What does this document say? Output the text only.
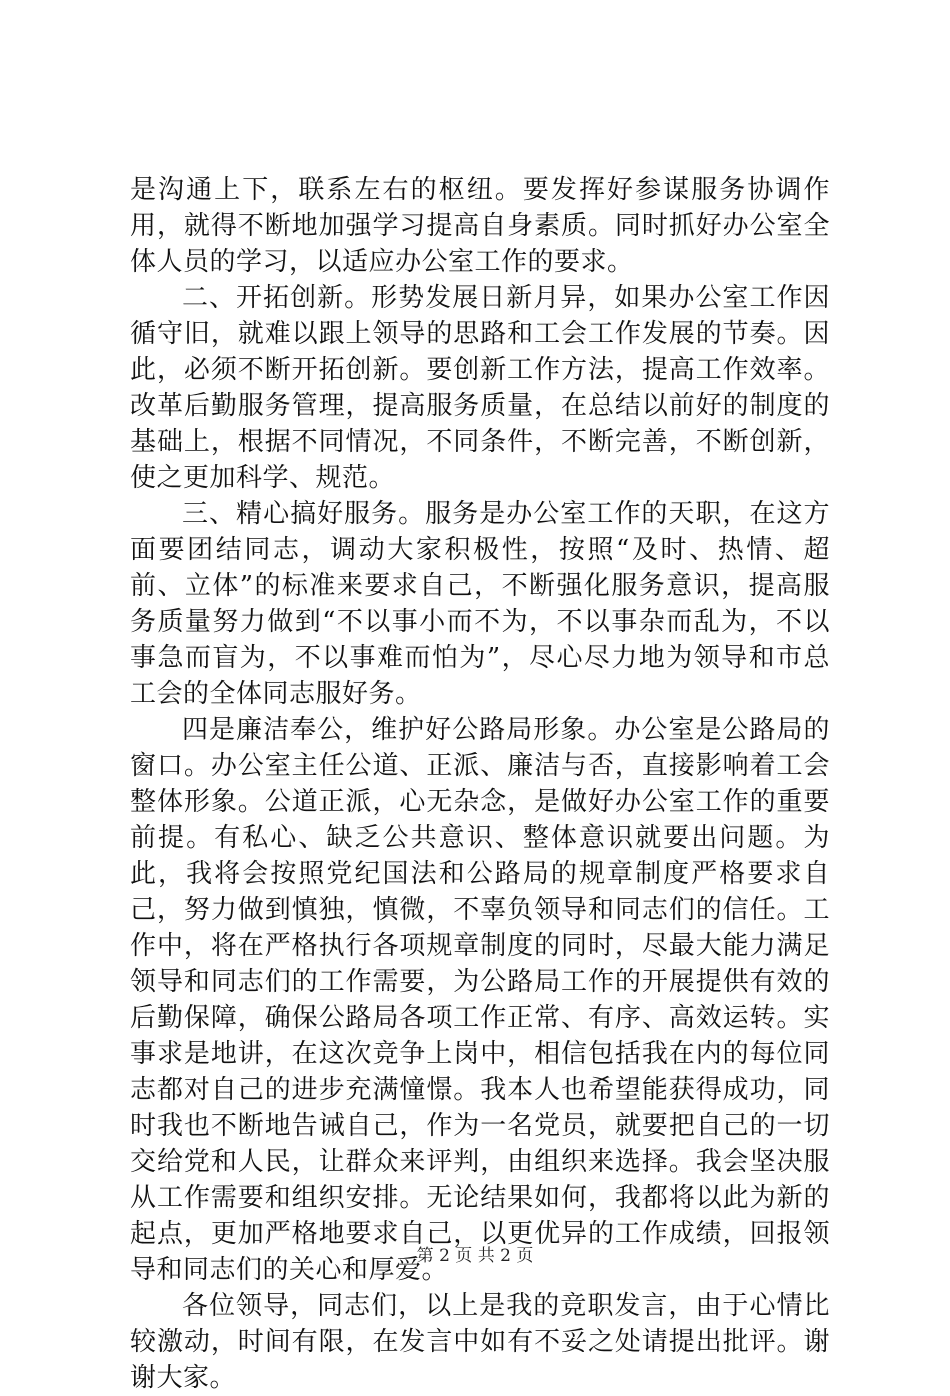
是沟通上下，联系左右的枢纽。要发挥好参谋服务协调作用，就得不断地加强学习提高自身素质。同时抓好办公室全体人员的学习，以适应办公室工作的要求。

二、开拓创新。形势发展日新月异，如果办公室工作因循守旧，就难以跟上领导的思路和工会工作发展的节奏。因此，必须不断开拓创新。要创新工作方法，提高工作效率。改革后勤服务管理，提高服务质量，在总结以前好的制度的基础上，根据不同情况，不同条件，不断完善，不断创新，使之更加科学、规范。

三、精心搞好服务。服务是办公室工作的天职，在这方面要团结同志，调动大家积极性，按照“及时、热情、超前、立体”的标准来要求自己，不断强化服务意识，提高服务质量努力做到“不以事小而不为，不以事杂而乱为，不以事急而盲为，不以事难而怕为”，尽心尽力地为领导和市总工会的全体同志服好务。

四是廉洁奉公，维护好公路局形象。办公室是公路局的窗口。办公室主任公道、正派、廉洁与否，直接影响着工会整体形象。公道正派，心无杂念，是做好办公室工作的重要前提。有私心、缺乏公共意识、整体意识就要出问题。为此，我将会按照党纪国法和公路局的规章制度严格要求自己，努力做到慎独，慎微，不辜负领导和同志们的信任。工作中，将在严格执行各项规章制度的同时，尽最大能力满足领导和同志们的工作需要，为公路局工作的开展提供有效的后勤保障，确保公路局各项工作正常、有序、高效运转。实事求是地讲，在这次竞争上岗中，相信包括我在内的每位同志都对自己的进步充满憧憬。我本人也希望能获得成功，同时我也不断地告诫自己，作为一名党员，就要把自己的一切交给党和人民，让群众来评判，由组织来选择。我会坚决服从工作需要和组织安排。无论结果如何，我都将以此为新的起点，更加严格地要求自己，以更优异的工作成绩，回报领导和同志们的关心和厚爱。

各位领导，同志们，以上是我的竞职发言，由于心情比较激动，时间有限，在发言中如有不妥之处请提出批评。谢谢大家。

第 2 页 共 2 页
